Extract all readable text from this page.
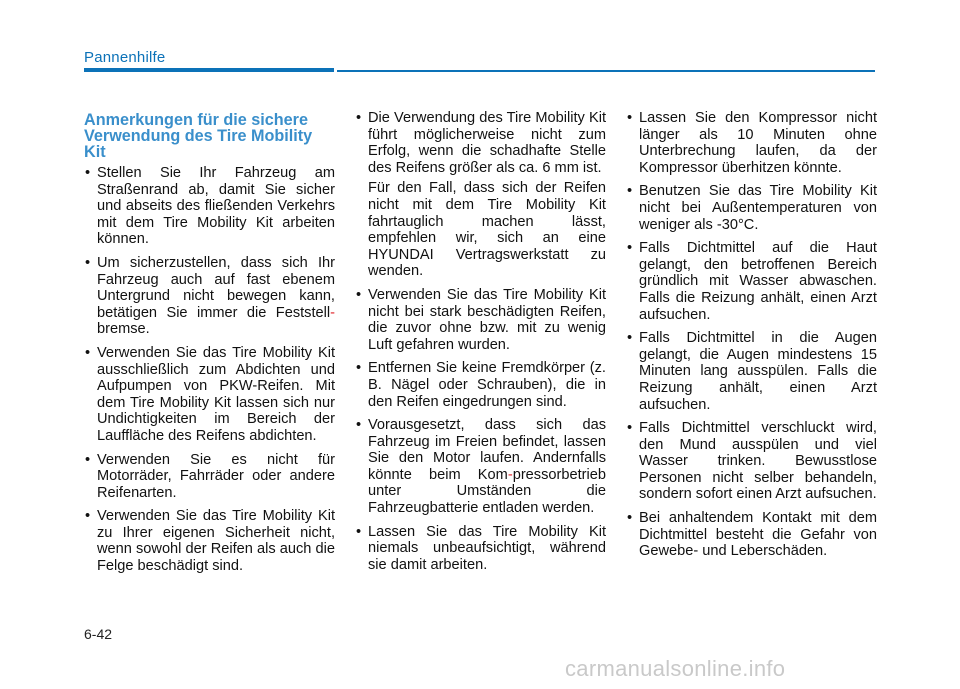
Pannenhilfe
Anmerkungen für die sichere Verwendung des Tire Mobility Kit
• Stellen Sie Ihr Fahrzeug am Straßenrand ab, damit Sie sicher und abseits des fließenden Verkehrs mit dem Tire Mobility Kit arbeiten können.
• Um sicherzustellen, dass sich Ihr Fahrzeug auch auf fast ebenem Untergrund nicht bewegen kann, betätigen Sie immer die Feststell-bremse.
• Verwenden Sie das Tire Mobility Kit ausschließlich zum Abdichten und Aufpumpen von PKW-Reifen. Mit dem Tire Mobility Kit lassen sich nur Undichtigkeiten im Bereich der Lauffläche des Reifens abdichten.
• Verwenden Sie es nicht für Motorräder, Fahrräder oder andere Reifenarten.
• Verwenden Sie das Tire Mobility Kit zu Ihrer eigenen Sicherheit nicht, wenn sowohl der Reifen als auch die Felge beschädigt sind.
• Die Verwendung des Tire Mobility Kit führt möglicherweise nicht zum Erfolg, wenn die schadhafte Stelle des Reifens größer als ca. 6 mm ist.
Für den Fall, dass sich der Reifen nicht mit dem Tire Mobility Kit fahrtauglich machen lässt, empfehlen wir, sich an eine HYUNDAI Vertragswerkstatt zu wenden.
• Verwenden Sie das Tire Mobility Kit nicht bei stark beschädigten Reifen, die zuvor ohne bzw. mit zu wenig Luft gefahren wurden.
• Entfernen Sie keine Fremdkörper (z. B. Nägel oder Schrauben), die in den Reifen eingedrungen sind.
• Vorausgesetzt, dass sich das Fahrzeug im Freien befindet, lassen Sie den Motor laufen. Andernfalls könnte beim Kom-pressorbetrieb unter Umständen die Fahrzeugbatterie entladen werden.
• Lassen Sie das Tire Mobility Kit niemals unbeaufsichtigt, während sie damit arbeiten.
• Lassen Sie den Kompressor nicht länger als 10 Minuten ohne Unterbrechung laufen, da der Kompressor überhitzen könnte.
• Benutzen Sie das Tire Mobility Kit nicht bei Außentemperaturen von weniger als -30°C.
• Falls Dichtmittel auf die Haut gelangt, den betroffenen Bereich gründlich mit Wasser abwaschen. Falls die Reizung anhält, einen Arzt aufsuchen.
• Falls Dichtmittel in die Augen gelangt, die Augen mindestens 15 Minuten lang ausspülen. Falls die Reizung anhält, einen Arzt aufsuchen.
• Falls Dichtmittel verschluckt wird, den Mund ausspülen und viel Wasser trinken. Bewusstlose Personen nicht selber behandeln, sondern sofort einen Arzt aufsuchen.
• Bei anhaltendem Kontakt mit dem Dichtmittel besteht die Gefahr von Gewebe- und Leberschäden.
6-42
carmanualsonline.info
